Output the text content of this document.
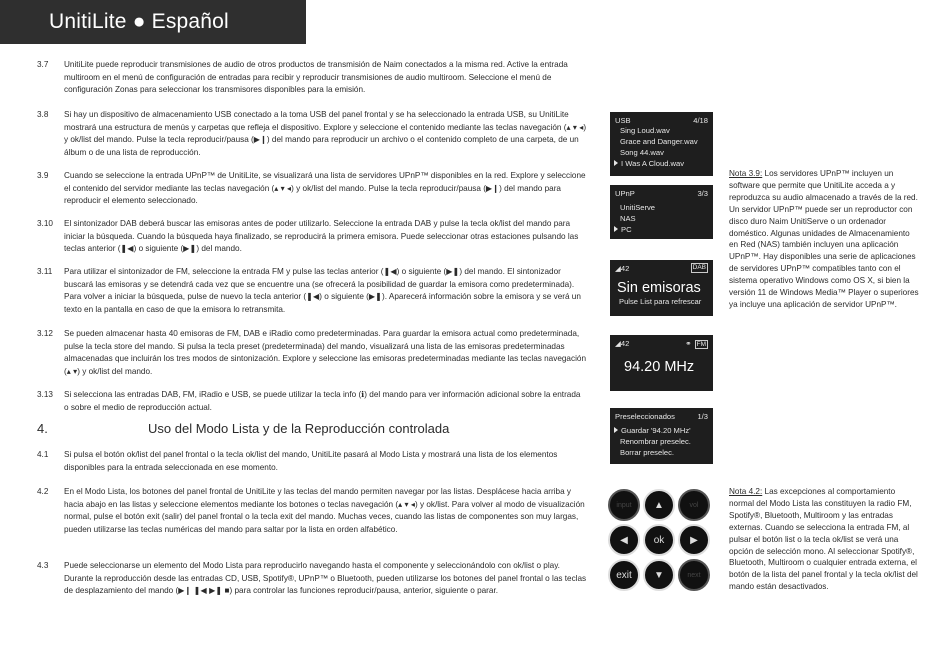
UnitiLite ● Español
3.7	UnitiLite puede reproducir transmisiones de audio de otros productos de transmisión de Naim conectados a la misma red. Active la entrada multiroom en el menú de configuración de entradas para recibir y reproducir transmisiones de audio multiroom. Seleccione el menú de configuración Zonas para seleccionar los transmisores disponibles para la emisión.
3.8	Si hay un dispositivo de almacenamiento USB conectado a la toma USB del panel frontal y se ha seleccionado la entrada USB, su UnitiLite mostrará una estructura de menús y carpetas que refleja el dispositivo. Explore y seleccione el contenido mediante las teclas navegación (▴ ▾ ◂) y ok/list del mando. Pulse la tecla reproducir/pausa (▶❙) del mando para reproducir un archivo o el contenido completo de una carpeta, de un álbum o de una lista de reproducción.
3.9	Cuando se seleccione la entrada UPnP™ de UnitiLite, se visualizará una lista de servidores UPnP™ disponibles en la red. Explore y seleccione el contenido del servidor mediante las teclas navegación (▴ ▾ ◂) y ok/list del mando. Pulse la tecla reproducir/pausa (▶❙) del mando para reproducir el elemento seleccionado.
3.10	El sintonizador DAB deberá buscar las emisoras antes de poder utilizarlo. Seleccione la entrada DAB y pulse la tecla ok/list del mando para iniciar la búsqueda. Cuando la búsqueda haya finalizado, se reproducirá la primera emisora. Puede seleccionar otras estaciones pulsando las teclas anterior (❚◀) o siguiente (▶❚) del mando.
3.11	Para utilizar el sintonizador de FM, seleccione la entrada FM y pulse las teclas anterior (❚◀) o siguiente (▶❚) del mando. El sintonizador buscará las emisoras y se detendrá cada vez que se encuentre una (se ofrecerá la posibilidad de guardar la emisora como predeterminada). Para volver a iniciar la búsqueda, pulse de nuevo la tecla anterior (❚◀) o siguiente (▶❚). Aparecerá información sobre la emisora y se verá un texto en la pantalla en caso de que la emisora lo retransmita.
3.12	Se pueden almacenar hasta 40 emisoras de FM, DAB e iRadio como predeterminadas. Para guardar la emisora actual como predeterminada, pulse la tecla store del mando. Si pulsa la tecla preset (predeterminada) del mando, visualizará una lista de las emisoras predeterminadas almacenadas que incluirán los tres modos de sintonización. Explore y seleccione las emisoras predeterminadas mediante las teclas navegación (▴ ▾) y ok/list del mando.
3.13	Si selecciona las entradas DAB, FM, iRadio e USB, se puede utilizar la tecla info (ℹ) del mando para ver información adicional sobre la entrada o sobre el medio de reproducción actual.
4.	Uso del Modo Lista y de la Reproducción controlada
4.1	Si pulsa el botón ok/list del panel frontal o la tecla ok/list del mando, UnitiLite pasará al Modo Lista y mostrará una lista de los elementos disponibles para la entrada seleccionada en ese momento.
4.2	En el Modo Lista, los botones del panel frontal de UnitiLite y las teclas del mando permiten navegar por las listas. Desplácese hacia arriba y hacia abajo en las listas y seleccione elementos mediante los botones o teclas navegación (▴ ▾ ◂) y ok/list. Para volver al modo de visualización normal, pulse el botón exit (salir) del panel frontal o la tecla exit del mando. Muchas veces, cuando las listas de componentes son muy largas, pueden utilizarse las teclas numéricas del mando para saltar por la lista en orden alfabético.
4.3	Puede seleccionarse un elemento del Modo Lista para reproducirlo navegando hasta el componente y seleccionándolo con ok/list o play. Durante la reproducción desde las entradas CD, USB, Spotify®, UPnP™ o Bluetooth, pueden utilizarse los botones del panel frontal o las teclas de desplazamiento del mando (▶❙ ❚◀ ▶❚ ■) para controlar las funciones reproducir/pausa, anterior, siguiente o parar.
USB	4/18
Sing Loud.wav
Grace and Danger.wav
Song 44.wav
I Was A Cloud.wav
UPnP	3/3
UnitiServe
NAS
PC
◢42	DAB
Sin emisoras
Pulse List para refrescar
◢42	⚭ FM
94.20 MHz
Preseleccionados	1/3
Guardar '94.20 MHz'
Renombrar preselec.
Borrar preselec.
input	▲	vol
◀	ok	▶
exit	▼	next
Nota 3.9: Los servidores UPnP™ incluyen un software que permite que UnitiLite acceda a y reproduzca su audio almacenado a través de la red. Un servidor UPnP™ puede ser un reproductor con disco duro Naim UnitiServe o un ordenador doméstico. Algunas unidades de Almacenamiento en Red (NAS) también incluyen una aplicación UPnP™. Hay disponibles una serie de aplicaciones de servidores UPnP™ compatibles tanto con el sistema operativo Windows como OS X, si bien la versión 11 de Windows Media™ Player o superiores ya incluye una aplicación de servidor UPnP™.
Nota 4.2: Las excepciones al comportamiento normal del Modo Lista las constituyen la radio FM, Spotify®, Bluetooth, Multiroom y las entradas externas. Cuando se selecciona la entrada FM, al pulsar el botón list o la tecla ok/list se verá una opción de selección mono. Al seleccionar Spotify®, Bluetooth, Multiroom o cualquier entrada externa, el botón de la lista del panel frontal y la tecla ok/list del mando están desactivados.
